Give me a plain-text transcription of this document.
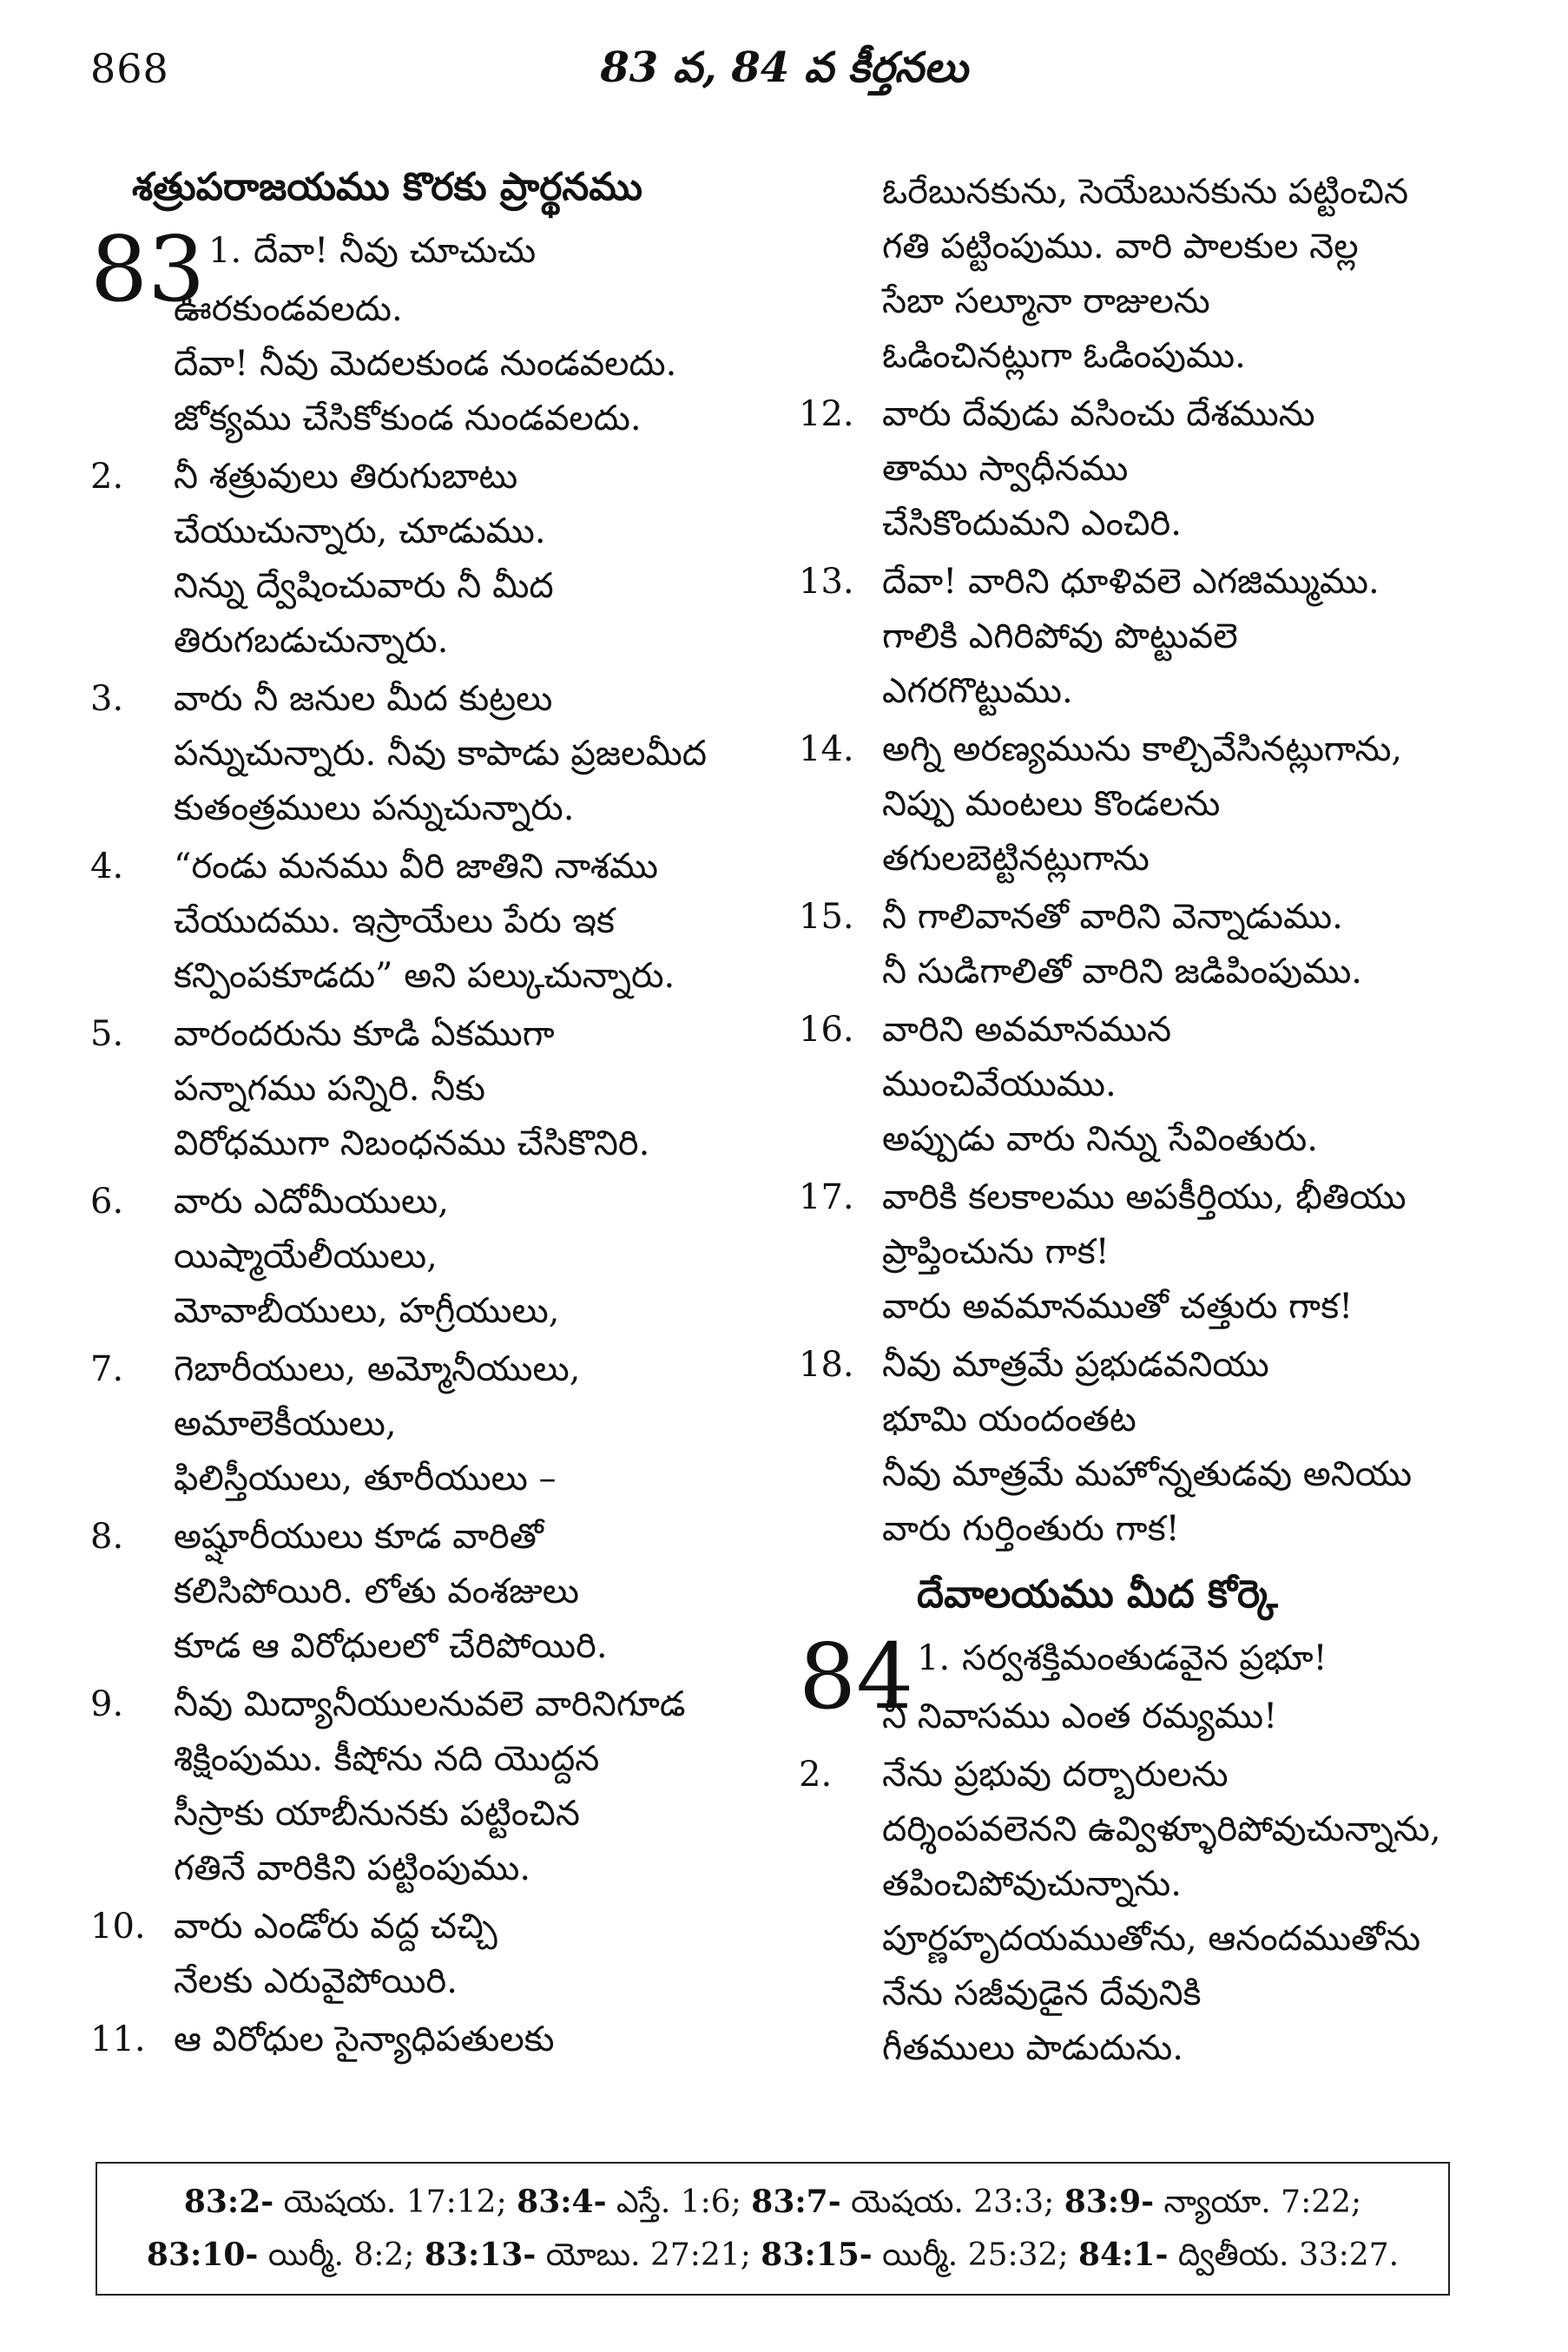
868	83 వ, 84 వ కీర్తనలు
శత్రుపరాజయము కొరకు ప్రార్థనము
83 1. దేవా! నీవు చూచుచు
ఊరకుండవలదు.
దేవా! నీవు మెదలకుండ నుండవలదు.
జోక్యము చేసికోకుండ నుండవలదు.
2.	నీ శత్రువులు తిరుగుబాటు
చేయుచున్నారు, చూడుము.
నిన్ను ద్వేషించువారు నీ మీద
తిరుగబడుచున్నారు.
3.	వారు నీ జనుల మీద కుట్రలు
పన్నుచున్నారు. నీవు కాపాడు ప్రజలమీద
కుతంత్రములు పన్నుచున్నారు.
4.	“రండు మనము వీరి జాతిని నాశము
చేయుదము. ఇస్రాయేలు పేరు ఇక
కన్పింపకూడదు” అని పల్కుచున్నారు.
5.	వారందరును కూడి ఏకముగా
పన్నాగము పన్నిరి. నీకు
విరోధముగా నిబంధనము చేసికొనిరి.
6.	వారు ఎదోమీయులు,
యిష్మాయేలీయులు,
మోవాబీయులు, హగ్రీయులు,
7.	గెబారీయులు, అమ్మోనీయులు,
అమాలెకీయులు,
ఫిలిస్తీయులు, తూరీయులు –
8.	అష్షూరీయులు కూడ వారితో
కలిసిపోయిరి. లోతు వంశజులు
కూడ ఆ విరోధులలో చేరిపోయిరి.
9.	నీవు మిద్యానీయులనువలె వారినిగూడ
శిక్షింపుము. కీషోను నది యొద్దన
సీస్రాకు యాబీనునకు పట్టించిన
గతినే వారికిని పట్టింపుము.
10. వారు ఎండోరు వద్ద చచ్చి
నేలకు ఎరువైపోయిరి.
11. ఆ విరోధుల సైన్యాధిపతులకు
ఓరేబునకును, సెయేబునకును పట్టించిన
గతి పట్టింపుము. వారి పాలకుల నెల్ల
సేబా సల్మూనా రాజులను
ఓడించినట్లుగా ఓడింపుము.
12. వారు దేవుడు వసించు దేశమును
తాము స్వాధీనము
చేసికొందుమని ఎంచిరి.
13. దేవా! వారిని ధూళివలె ఎగజిమ్ముము.
గాలికి ఎగిరిపోవు పొట్టువలె
ఎగరగొట్టుము.
14. అగ్ని అరణ్యమును కాల్చివేసినట్లుగాను,
నిప్పు మంటలు కొండలను
తగులబెట్టినట్లుగాను
15. నీ గాలివానతో వారిని వెన్నాడుము.
నీ సుడిగాలితో వారిని జడిపింపుము.
16. వారిని అవమానమున
ముంచివేయుము.
అప్పుడు వారు నిన్ను సేవింతురు.
17. వారికి కలకాలము అపకీర్తియు, భీతియు
ప్రాప్తించును గాక!
వారు అవమానముతో చత్తురు గాక!
18. నీవు మాత్రమే ప్రభుడవనియు
భూమి యందంతట
నీవు మాత్రమే మహోన్నతుడవు అనియు
వారు గుర్తింతురు గాక!
దేవాలయము మీద కోర్కె
84 1. సర్వశక్తిమంతుడవైన ప్రభూ!
నీ నివాసము ఎంత రమ్యము!
2.	నేను ప్రభువు దర్బారులను
దర్శింపవలెనని ఉవ్విళ్ళూరిపోవుచున్నాను,
తపించిపోవుచున్నాను.
పూర్ణహృదయముతోను, ఆనందముతోను
నేను సజీవుడైన దేవునికి
గీతములు పాడుదును.
83:2- యెషయ. 17:12; 83:4- ఎస్తే. 1:6; 83:7- యెషయ. 23:3; 83:9- న్యాయా. 7:22; 83:10- యిర్మీ. 8:2; 83:13- యోబు. 27:21; 83:15- యిర్మీ. 25:32; 84:1- ద్వితీయ. 33:27.
